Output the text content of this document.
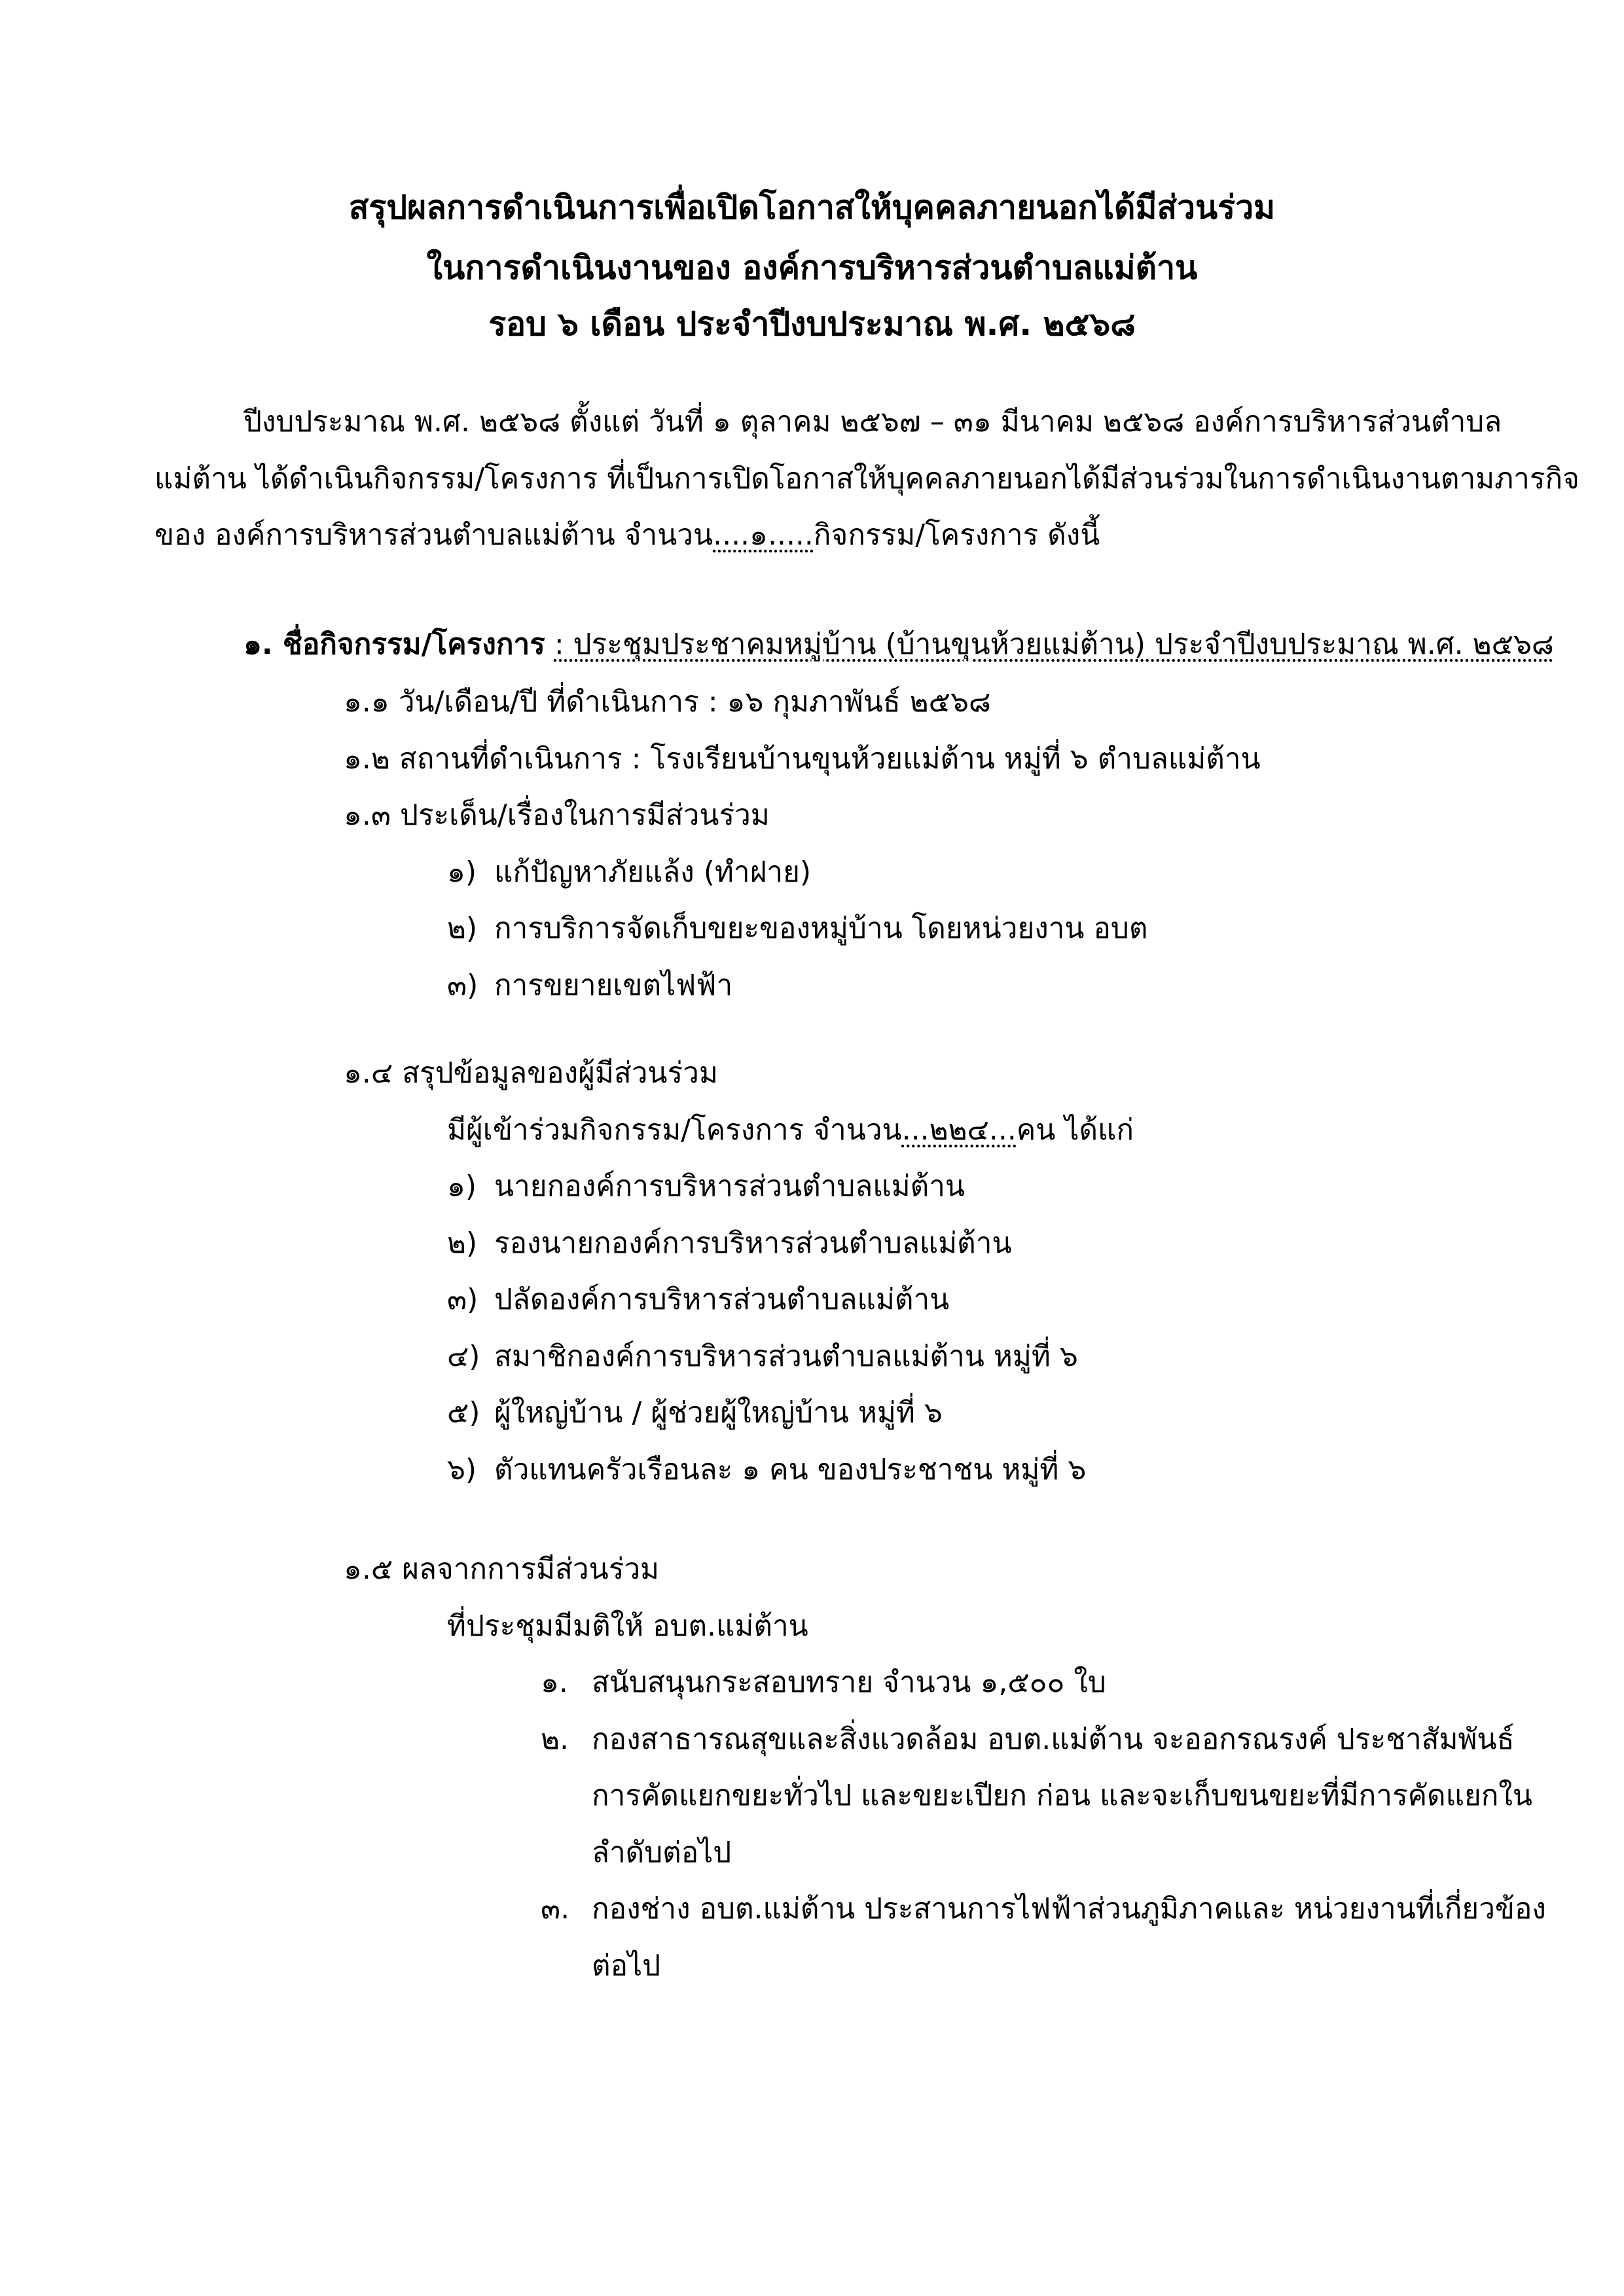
สรุปผลการดำเนินการเพื่อเปิดโอกาสให้บุคคลภายนอกได้มีส่วนร่วม
ในการดำเนินงานของ องค์การบริหารส่วนตำบลแม่ต้าน
รอบ ๖ เดือน ประจำปีงบประมาณ พ.ศ. ๒๕๖๘
ปีงบประมาณ พ.ศ. ๒๕๖๘ ตั้งแต่ วันที่ ๑ ตุลาคม ๒๕๖๗ – ๓๑ มีนาคม ๒๕๖๘ องค์การบริหารส่วนตำบล
แม่ต้าน ได้ดำเนินกิจกรรม/โครงการ ที่เป็นการเปิดโอกาสให้บุคคลภายนอกได้มีส่วนร่วมในการดำเนินงานตามภารกิจ
ของ องค์การบริหารส่วนตำบลแม่ต้าน จำนวน....๑.....กิจกรรม/โครงการ ดังนี้
๑. ชื่อกิจกรรม/โครงการ : ประชุมประชาคมหมู่บ้าน (บ้านขุนห้วยแม่ต้าน) ประจำปีงบประมาณ พ.ศ. ๒๕๖๘
๑.๑ วัน/เดือน/ปี ที่ดำเนินการ : ๑๖ กุมภาพันธ์ ๒๕๖๘
๑.๒ สถานที่ดำเนินการ : โรงเรียนบ้านขุนห้วยแม่ต้าน หมู่ที่ ๖ ตำบลแม่ต้าน
๑.๓ ประเด็น/เรื่องในการมีส่วนร่วม
๑) แก้ปัญหาภัยแล้ง (ทำฝาย)
๒) การบริการจัดเก็บขยะของหมู่บ้าน โดยหน่วยงาน อบต
๓) การขยายเขตไฟฟ้า
๑.๔ สรุปข้อมูลของผู้มีส่วนร่วม
มีผู้เข้าร่วมกิจกรรม/โครงการ จำนวน...๒๒๔...คน ได้แก่
๑) นายกองค์การบริหารส่วนตำบลแม่ต้าน
๒) รองนายกองค์การบริหารส่วนตำบลแม่ต้าน
๓) ปลัดองค์การบริหารส่วนตำบลแม่ต้าน
๔) สมาชิกองค์การบริหารส่วนตำบลแม่ต้าน หมู่ที่ ๖
๕) ผู้ใหญ่บ้าน / ผู้ช่วยผู้ใหญ่บ้าน หมู่ที่ ๖
๖) ตัวแทนครัวเรือนละ ๑ คน ของประชาชน หมู่ที่ ๖
๑.๕ ผลจากการมีส่วนร่วม
ที่ประชุมมีมติให้ อบต.แม่ต้าน
๑. สนับสนุนกระสอบทราย จำนวน ๑,๕๐๐ ใบ
๒. กองสาธารณสุขและสิ่งแวดล้อม อบต.แม่ต้าน จะออกรณรงค์ ประชาสัมพันธ์
การคัดแยกขยะทั่วไป และขยะเปียก ก่อน และจะเก็บขนขยะที่มีการคัดแยกใน
ลำดับต่อไป
๓. กองช่าง อบต.แม่ต้าน ประสานการไฟฟ้าส่วนภูมิภาคและ หน่วยงานที่เกี่ยวข้อง
ต่อไป
